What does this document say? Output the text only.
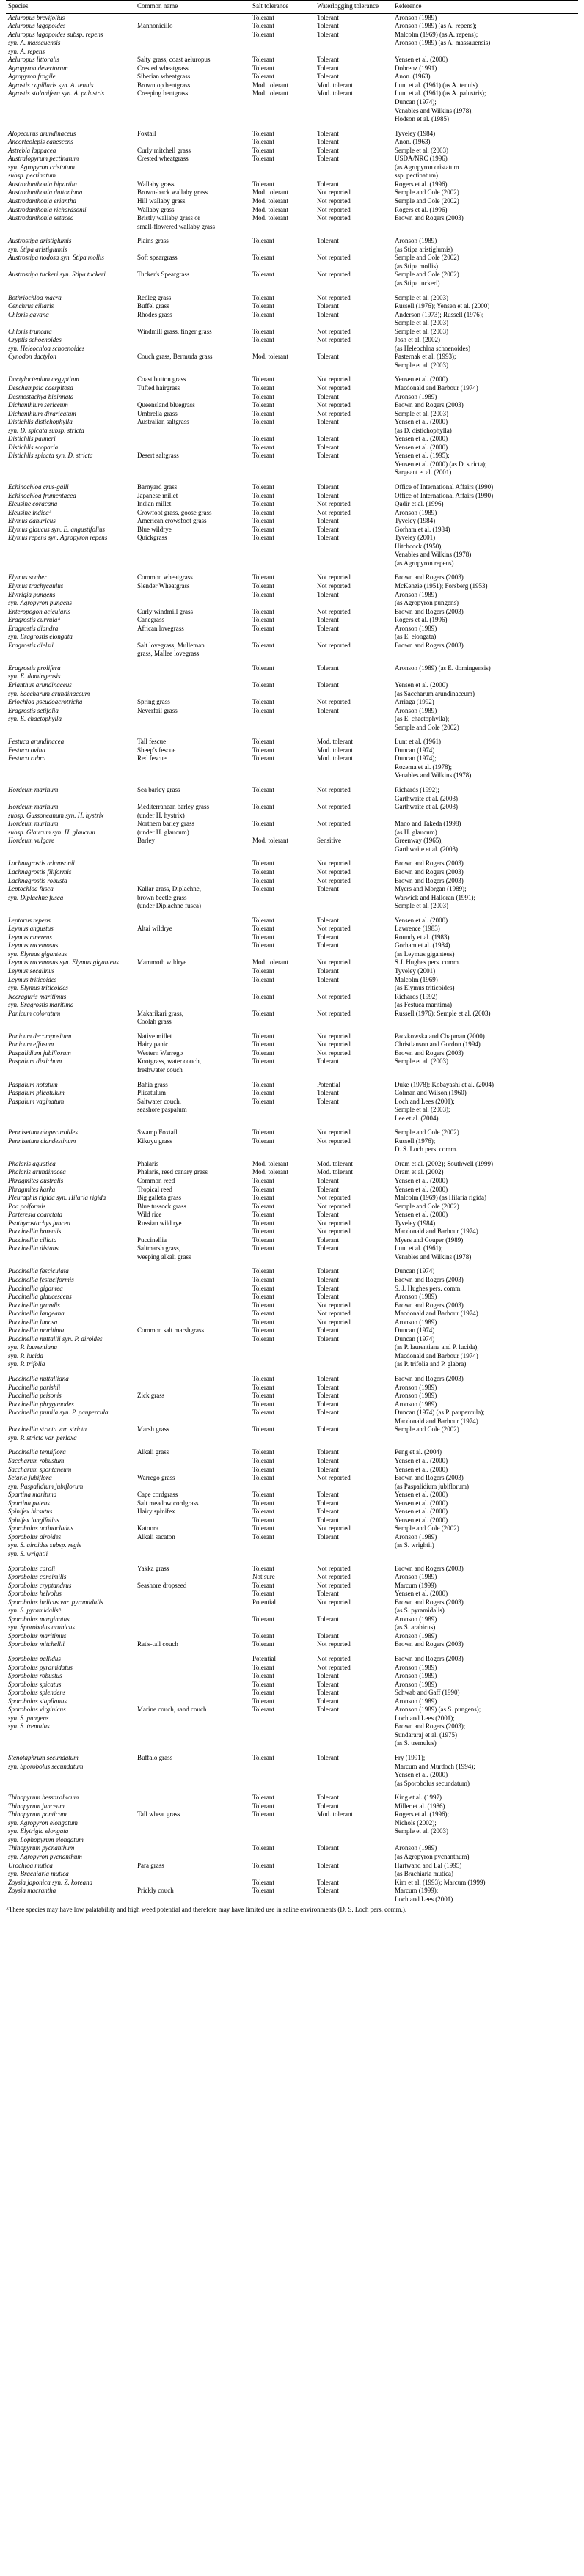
Species	Common name	Salt tolerance	Waterlogging tolerance	Reference
Aeluropus brevifolius		Tolerant	Tolerant	Aronson (1989)
Aeluropus lagopoides	Mannonicillo	Tolerant	Tolerant	Aronson (1989) (as A. repens);
Aeluropus lagopoides subsp. repens		Tolerant	Tolerant	Malcolm (1969) (as A. repens);
syn. A. massauensis				Aronson (1989) (as A. massauensis)
syn. A. repens				
Aeluropus littoralis	Salty grass, coast aeluropus	Tolerant	Tolerant	Yensen et al. (2000)
Agropyron desertorum	Crested wheatgrass	Tolerant	Tolerant	Dobrenz (1991)
Agropyron fragile	Siberian wheatgrass	Tolerant	Tolerant	Anon. (1963)
Agrostis capillaris syn. A. tenuis	Browntop bentgrass	Mod. tolerant	Mod. tolerant	Lunt et al. (1961) (as A. tenuis)
Agrostis stolonifera syn. A. palustris	Creeping bentgrass	Mod. tolerant	Mod. tolerant	Lunt et al. (1961) (as A. palustris);
				Duncan (1974);
				Venables and Wilkins (1978);
				Hodson et al. (1985)
Alopecurus arundinaceus	Foxtail	Tolerant	Tolerant	Tyveley (1984)
Ancorteolepis canescens		Tolerant	Tolerant	Anon. (1963)
Astrebla lappacea	Curly mitchell grass	Tolerant	Tolerant	Semple et al. (2003)
Australopyrum pectinatum	Crested wheatgrass	Tolerant	Tolerant	USDA/NRC (1996)
syn. Agropyron cristatum				(as Agropyron cristatum
subsp. pectinatum				ssp. pectinatum)
Austrodanthonia bipartita	Wallaby grass	Tolerant	Tolerant	Rogers et al. (1996)
Austrodanthonia duttoniana	Brown-back wallaby grass	Mod. tolerant	Not reported	Semple and Cole (2002)
Austrodanthonia eriantha	Hill wallaby grass	Mod. tolerant	Not reported	Semple and Cole (2002)
Austrodanthonia richardsonii	Wallaby grass	Mod. tolerant	Not reported	Rogers et al. (1996)
Austrodanthonia setacea	Bristly wallaby grass or	Mod. tolerant	Not reported	Brown and Rogers (2003)
	small-flowered wallaby grass			
Austrostipa aristiglumis	Plains grass	Tolerant	Tolerant	Aronson (1989)
syn. Stipa aristiglumis				(as Stipa aristiglumis)
Austrostipa nodosa syn. Stipa mollis	Soft speargrass	Tolerant	Not reported	Semple and Cole (2002)
				(as Stipa mollis)
Austrostipa tuckeri syn. Stipa tuckeri	Tucker's Speargrass	Tolerant	Not reported	Semple and Cole (2002)
				(as Stipa tuckeri)
Bothriochloa macra	Redleg grass	Tolerant	Not reported	Semple et al. (2003)
Cenchrus ciliaris	Buffel grass	Tolerant	Tolerant	Russell (1976); Yensen et al. (2000)
Chloris gayana	Rhodes grass	Tolerant	Tolerant	Anderson (1973); Russell (1976);
				Semple et al. (2003)
Chloris truncata	Windmill grass, finger grass	Tolerant	Not reported	Semple et al. (2003)
Cryptis schoenoides		Tolerant	Not reported	Josh et al. (2002)
syn. Heleochloa schoenoides				(as Heleochloa schoenoides)
Cynodon dactylon	Couch grass, Bermuda grass	Mod. tolerant	Tolerant	Pasternak et al. (1993);
				Semple et al. (2003)
Dactyloctenium aegyptium	Coast button grass	Tolerant	Not reported	Yensen et al. (2000)
Deschampsia caespitosa	Tufted hairgrass	Tolerant	Not reported	Macdonald and Barbour (1974)
Desmostachya bipinnata		Tolerant	Tolerant	Aronson (1989)
Dichanthium sericeum	Queensland bluegrass	Tolerant	Not reported	Brown and Rogers (2003)
Dichanthium divaricatum	Umbrella grass	Tolerant	Not reported	Semple et al. (2003)
Distichlis distichophylla	Australian saltgrass	Tolerant	Tolerant	Yensen et al. (2000)
syn. D. spicata subsp. stricta				(as D. distichophylla)
Distichlis palmeri		Tolerant	Tolerant	Yensen et al. (2000)
Distichlis scoparia		Tolerant	Tolerant	Yensen et al. (2000)
Distichlis spicata syn. D. stricta	Desert saltgrass	Tolerant	Tolerant	Yensen et al. (1995);
				Yensen et al. (2000) (as D. stricta);
				Sargeant et al. (2001)
Echinochloa crus-galli	Barnyard grass	Tolerant	Tolerant	Office of International Affairs (1990)
Echinochloa frumentacea	Japanese millet	Tolerant	Tolerant	Office of International Affairs (1990)
Eleusine coracana	Indian millet	Tolerant	Not reported	Qadir et al. (1996)
Eleusine indicaᴬ	Crowfoot grass, goose grass	Tolerant	Not reported	Aronson (1989)
Elymus dahuricus	American crowsfoot grass	Tolerant	Tolerant	Tyveley (1984)
Elymus glaucus syn. E. angustifolius	Blue wildrye	Tolerant	Tolerant	Gorham et al. (1984)
Elymus repens syn. Agropyron repens	Quickgrass	Tolerant	Tolerant	Tyveley (2001)
				Hitchcock (1950);
				Venables and Wilkins (1978)
				(as Agropyron repens)
Elymus scaber	Common wheatgrass	Tolerant	Not reported	Brown and Rogers (2003)
Elymus trachycaulus	Slender Wheatgrass	Tolerant	Not reported	McKenzie (1951); Forsberg (1953)
Elytrigia pungens		Tolerant	Tolerant	Aronson (1989)
syn. Agropyron pungens				(as Agropyron pungens)
Enteropogon acicularis	Curly windmill grass	Tolerant	Not reported	Brown and Rogers (2003)
Eragrostis curvulaᴬ	Canegrass	Tolerant	Tolerant	Rogers et al. (1996)
Eragrostis diandra	African lovegrass	Tolerant	Tolerant	Aronson (1989)
syn. Eragrostis elongata				(as E. elongata)
Eragrostis dielsii	Salt lovegrass, Mulleman	Tolerant	Not reported	Brown and Rogers (2003)
	grass, Mallee lovegrass			
Eragrostis prolifera		Tolerant	Tolerant	Aronson (1989) (as E. domingensis)
syn. E. domingensis				
Erianthus arundinaceus		Tolerant	Tolerant	Yensen et al. (2000)
syn. Saccharum arundinaceum				(as Saccharum arundinaceum)
Eriochloa pseudoacrotricha	Spring grass	Tolerant	Not reported	Arriaga (1992)
Eragrostis setifolia	Neverfail grass	Tolerant	Tolerant	Aronson (1989)
syn. E. chaetophylla				(as E. chaetophylla);
				Semple and Cole (2002)
Festuca arundinacea	Tall fescue	Tolerant	Mod. tolerant	Lunt et al. (1961)
Festuca ovina	Sheep's fescue	Tolerant	Mod. tolerant	Duncan (1974)
Festuca rubra	Red fescue	Tolerant	Mod. tolerant	Duncan (1974);
				Rozema et al. (1978);
				Venables and Wilkins (1978)
Hordeum marinum	Sea barley grass	Tolerant	Not reported	Richards (1992);
				Garthwaite et al. (2003)
Hordeum marinum	Mediterranean barley grass	Tolerant	Not reported	Garthwaite et al. (2003)
subsp. Gussoneanum syn. H. hystrix	(under H. hystrix)			
Hordeum murinum	Northern barley grass	Tolerant	Not reported	Mano and Takeda (1998)
subsp. Glaucum syn. H. glaucum	(under H. glaucum)			(as H. glaucum)
Hordeum vulgare	Barley	Mod. tolerant	Sensitive	Greenway (1965);
				Garthwaite et al. (2003)
Lachnagrostis adamsonii		Tolerant	Not reported	Brown and Rogers (2003)
Lachnagrostis filiformis		Tolerant	Not reported	Brown and Rogers (2003)
Lachnagrostis robusta		Tolerant	Not reported	Brown and Rogers (2003)
Leptochloa fusca	Kallar grass, Diplachne,	Tolerant	Tolerant	Myers and Morgan (1989);
syn. Diplachne fusca	brown beetle grass			Warwick and Halloran (1991);
	(under Diplachne fusca)			Semple et al. (2003)
Leptorus repens		Tolerant	Tolerant	Yensen et al. (2000)
Leymus angustus	Altai wildrye	Tolerant	Not reported	Lawrence (1983)
Leymus cinereus		Tolerant	Tolerant	Roundy et al. (1983)
Leymus racemosus		Tolerant	Tolerant	Gorham et al. (1984)
syn. Elymus giganteus				(as Leymus giganteus)
Leymus racemosus syn. Elymus giganteus	Mammoth wildrye	Mod. tolerant	Not reported	S.J. Hughes pers. comm.
Leymus secalinus		Tolerant	Tolerant	Tyveley (2001)
Leymus triticoides		Tolerant	Tolerant	Malcolm (1969)
syn. Elymus triticoides				(as Elymus triticoides)
Neeraguris maritimus		Tolerant	Not reported	Richards (1992)
syn. Eragrostis maritima				(as Festuca maritima)
Panicum coloratum	Makarikari grass,	Tolerant	Not reported	Russell (1976); Semple et al. (2003)
	Coolah grass			
Panicum decompositum	Native millet	Tolerant	Not reported	Paczkowska and Chapman (2000)
Panicum effusum	Hairy panic	Tolerant	Not reported	Christianson and Gordon (1994)
Paspalidium jubiflorum	Western Warrego	Tolerant	Not reported	Brown and Rogers (2003)
Paspalum distichum	Knotgrass, water couch,	Tolerant	Tolerant	Semple et al. (2003)
	freshwater couch			
Paspalum notatum	Bahia grass	Tolerant	Potential	Duke (1978); Kobayashi et al. (2004)
Paspalum plicatulum	Plicatulum	Tolerant	Tolerant	Colman and Wilson (1960)
Paspalum vaginatum	Saltwater couch,	Tolerant	Tolerant	Loch and Lees (2001);
	seashore paspalum			Semple et al. (2003);
				Lee et al. (2004)
Pennisetum alopecuroides	Swamp Foxtail	Tolerant	Not reported	Semple and Cole (2002)
Pennisetum clandestinum	Kikuyu grass	Tolerant	Not reported	Russell (1976);
				D. S. Loch pers. comm.
Phalaris aquatica	Phalaris	Mod. tolerant	Mod. tolerant	Oram et al. (2002); Southwell (1999)
Phalaris arundinacea	Phalaris, reed canary grass	Mod. tolerant	Mod. tolerant	Oram et al. (2002)
Phragmites australis	Common reed	Tolerant	Tolerant	Yensen et al. (2000)
Phragmites karka	Tropical reed	Tolerant	Tolerant	Yensen et al. (2000)
Pleuraphis rigida syn. Hilaria rigida	Big galleta grass	Tolerant	Not reported	Malcolm (1969) (as Hilaria rigida)
Poa poiformis	Blue tussock grass	Tolerant	Not reported	Semple and Cole (2002)
Porteresia coarctata	Wild rice	Tolerant	Tolerant	Yensen et al. (2000)
Psathyrostachys juncea	Russian wild rye	Tolerant	Not reported	Tyveley (1984)
Puccinellia borealis		Tolerant	Not reported	Macdonald and Barbour (1974)
Puccinellia ciliata	Puccinellia	Tolerant	Tolerant	Myers and Couper (1989)
Puccinellia distans	Saltmarsh grass,	Tolerant	Tolerant	Lunt et al. (1961);
	weeping alkali grass			Venables and Wilkins (1978)
Puccinellia fasciculata		Tolerant	Tolerant	Duncan (1974)
Puccinellia festuciformis		Tolerant	Tolerant	Brown and Rogers (2003)
Puccinellia gigantea		Tolerant	Tolerant	S. J. Hughes pers. comm.
Puccinellia glaucescens		Tolerant	Tolerant	Aronson (1989)
Puccinellia grandis		Tolerant	Not reported	Brown and Rogers (2003)
Puccinellia langeana		Tolerant	Not reported	Macdonald and Barbour (1974)
Puccinellia limosa		Tolerant	Not reported	Aronson (1989)
Puccinellia maritima	Common salt marshgrass	Tolerant	Tolerant	Duncan (1974)
Puccinellia nuttallii syn. P. airoides		Tolerant	Tolerant	Duncan (1974)
syn. P. laurentiana				(as P. laurentiana and P. lucida);
syn. P. lucida				Macdonald and Barbour (1974)
syn. P. trifolia				(as P. trifolia and P. glabra)
Puccinellia nuttalliana		Tolerant	Tolerant	Brown and Rogers (2003)
Puccinellia parishii		Tolerant	Tolerant	Aronson (1989)
Puccinellia peisonis	Zick grass	Tolerant	Tolerant	Aronson (1989)
Puccinellia phryganodes		Tolerant	Tolerant	Aronson (1989)
Puccinellia pumila syn. P. paupercula		Tolerant	Tolerant	Duncan (1974) (as P. paupercula);
				Macdonald and Barbour (1974)
Puccinellia stricta var. stricta	Marsh grass	Tolerant	Tolerant	Semple and Cole (2002)
syn. P. stricta var. perlaxa				
Puccinellia tenuiflora	Alkali grass	Tolerant	Tolerant	Peng et al. (2004)
Saccharum robustum		Tolerant	Tolerant	Yensen et al. (2000)
Saccharum spontaneum		Tolerant	Tolerant	Yensen et al. (2000)
Setaria jubiflora	Warrego grass	Tolerant	Not reported	Brown and Rogers (2003)
syn. Paspalidium jubiflorum				(as Paspalidium jubiflorum)
Spartina maritima	Cape cordgrass	Tolerant	Tolerant	Yensen et al. (2000)
Spartina patens	Salt meadow cordgrass	Tolerant	Tolerant	Yensen et al. (2000)
Spinifex hirsutus	Hairy spinifex	Tolerant	Tolerant	Yensen et al. (2000)
Spinifex longifolius		Tolerant	Tolerant	Yensen et al. (2000)
Sporobolus actinocladus	Katoora	Tolerant	Not reported	Semple and Cole (2002)
Sporobolus airoides	Alkali sacaton	Tolerant	Tolerant	Aronson (1989)
syn. S. airoides subsp. regis				(as S. wrightii)
syn. S. wrightii				
Sporobolus caroli	Yakka grass	Tolerant	Not reported	Brown and Rogers (2003)
Sporobolus consimilis		Not sure	Not reported	Aronson (1989)
Sporobolus cryptandrus	Seashore dropseed	Tolerant	Not reported	Marcum (1999)
Sporobolus helvolus		Tolerant	Tolerant	Yensen et al. (2000)
Sporobolus indicus var. pyramidalis		Potential	Not reported	Brown and Rogers (2003)
syn. S. pyramidalisᴬ				(as S. pyramidalis)
Sporobolus marginatus		Tolerant	Tolerant	Aronson (1989)
syn. Sporobolus arabicus				(as S. arabicus)
Sporobolus maritimus		Tolerant	Tolerant	Aronson (1989)
Sporobolus mitchellii	Rat's-tail couch	Tolerant	Not reported	Brown and Rogers (2003)
Sporobolus pallidus		Potential	Not reported	Brown and Rogers (2003)
Sporobolus pyramidatus		Tolerant	Not reported	Aronson (1989)
Sporobolus robustus		Tolerant	Tolerant	Aronson (1989)
Sporobolus spicatus		Tolerant	Tolerant	Aronson (1989)
Sporobolus splendens		Tolerant	Tolerant	Schwab and Gaff (1990)
Sporobolus stapfianus		Tolerant	Tolerant	Aronson (1989)
Sporobolus virginicus	Marine couch, sand couch	Tolerant	Tolerant	Aronson (1989) (as S. pungens);
syn. S. pungens				Loch and Lees (2001);
syn. S. tremulus				Brown and Rogers (2003);
				Sundararaj et al. (1975)
				(as S. tremulus)
Stenotaphrum secundatum	Buffalo grass	Tolerant	Tolerant	Fry (1991);
syn. Sporobolus secundatum				Marcum and Murdoch (1994);
				Yensen et al. (2000)
				(as Sporobolus secundatum)
Thinopyrum bessarabicum		Tolerant	Tolerant	King et al. (1997)
Thinopyrum junceum		Tolerant	Tolerant	Miller et al. (1986)
Thinopyrum ponticum	Tall wheat grass	Tolerant	Mod. tolerant	Rogers et al. (1996);
syn. Agropyron elongatum				Nichols (2002);
syn. Elytrigia elongata				Semple et al. (2003)
syn. Lophopyrum elongatum				
Thinopyrum pycnanthum		Tolerant	Tolerant	Aronson (1989)
syn. Agropyron pycnanthum				(as Agropyron pycnanthum)
Urochloa mutica	Para grass	Tolerant	Tolerant	Hartwand and Lal (1995)
syn. Brachiaria mutica				(as Brachiaria mutica)
Zoysia japonica syn. Z. koreana		Tolerant	Tolerant	Kim et al. (1993); Marcum (1999)
Zoysia macrantha	Prickly couch	Tolerant	Tolerant	Marcum (1999);
				Loch and Lees (2001)
ᴬThese species may have low palatability and high weed potential and therefore may have limited use in saline environments (D. S. Loch pers. comm.).
